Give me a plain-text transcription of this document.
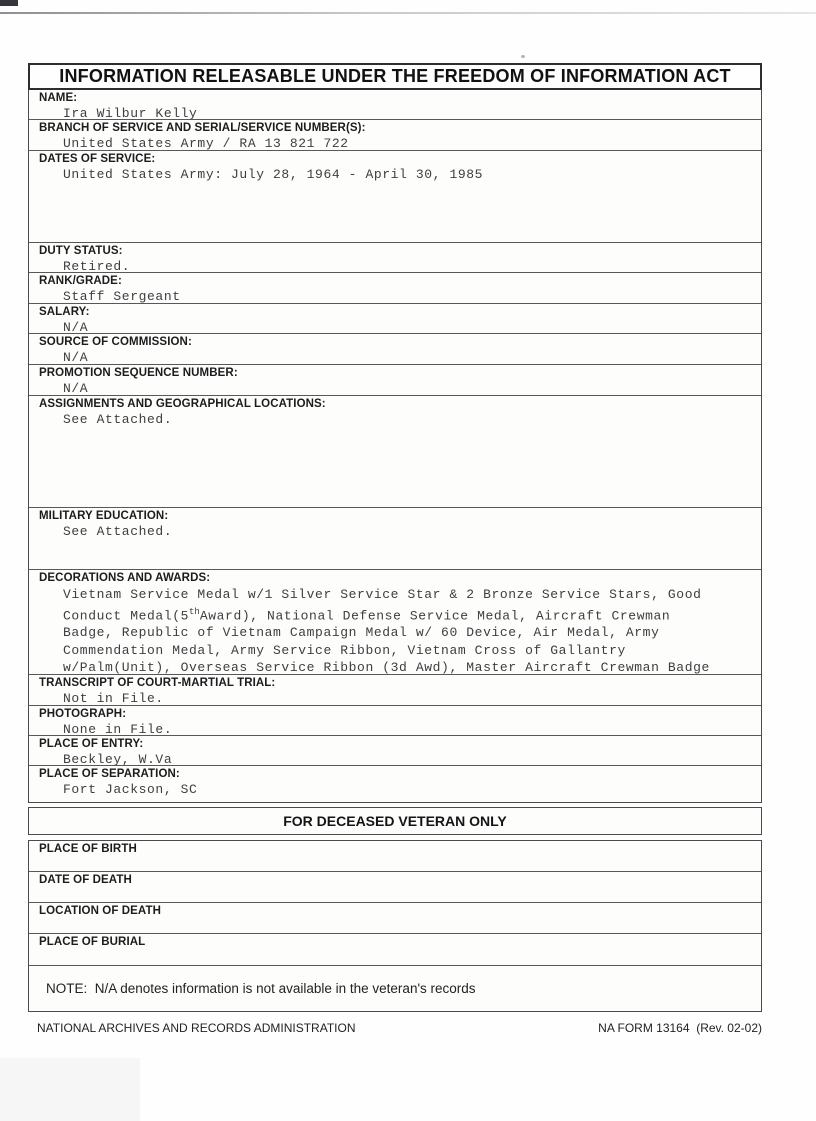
INFORMATION RELEASABLE UNDER THE FREEDOM OF INFORMATION ACT
NAME:
Ira Wilbur Kelly
BRANCH OF SERVICE AND SERIAL/SERVICE NUMBER(S):
United States Army / RA 13 821 722
DATES OF SERVICE:
United States Army: July 28, 1964 - April 30, 1985
DUTY STATUS:
Retired.
RANK/GRADE:
Staff Sergeant
SALARY:
N/A
SOURCE OF COMMISSION:
N/A
PROMOTION SEQUENCE NUMBER:
N/A
ASSIGNMENTS AND GEOGRAPHICAL LOCATIONS:
See Attached.
MILITARY EDUCATION:
See Attached.
DECORATIONS AND AWARDS:
Vietnam Service Medal w/1 Silver Service Star & 2 Bronze Service Stars, Good
Conduct Medal(5thAward), National Defense Service Medal, Aircraft Crewman
Badge, Republic of Vietnam Campaign Medal w/ 60 Device, Air Medal, Army
Commendation Medal, Army Service Ribbon, Vietnam Cross of Gallantry
w/Palm(Unit), Overseas Service Ribbon (3d Awd), Master Aircraft Crewman Badge
TRANSCRIPT OF COURT-MARTIAL TRIAL:
Not in File.
PHOTOGRAPH:
None in File.
PLACE OF ENTRY:
Beckley, W.Va
PLACE OF SEPARATION:
Fort Jackson, SC
FOR DECEASED VETERAN ONLY
PLACE OF BIRTH
DATE OF DEATH
LOCATION OF DEATH
PLACE OF BURIAL
NOTE:  N/A denotes information is not available in the veteran's records
NATIONAL ARCHIVES AND RECORDS ADMINISTRATION	NA FORM 13164  (Rev. 02-02)
